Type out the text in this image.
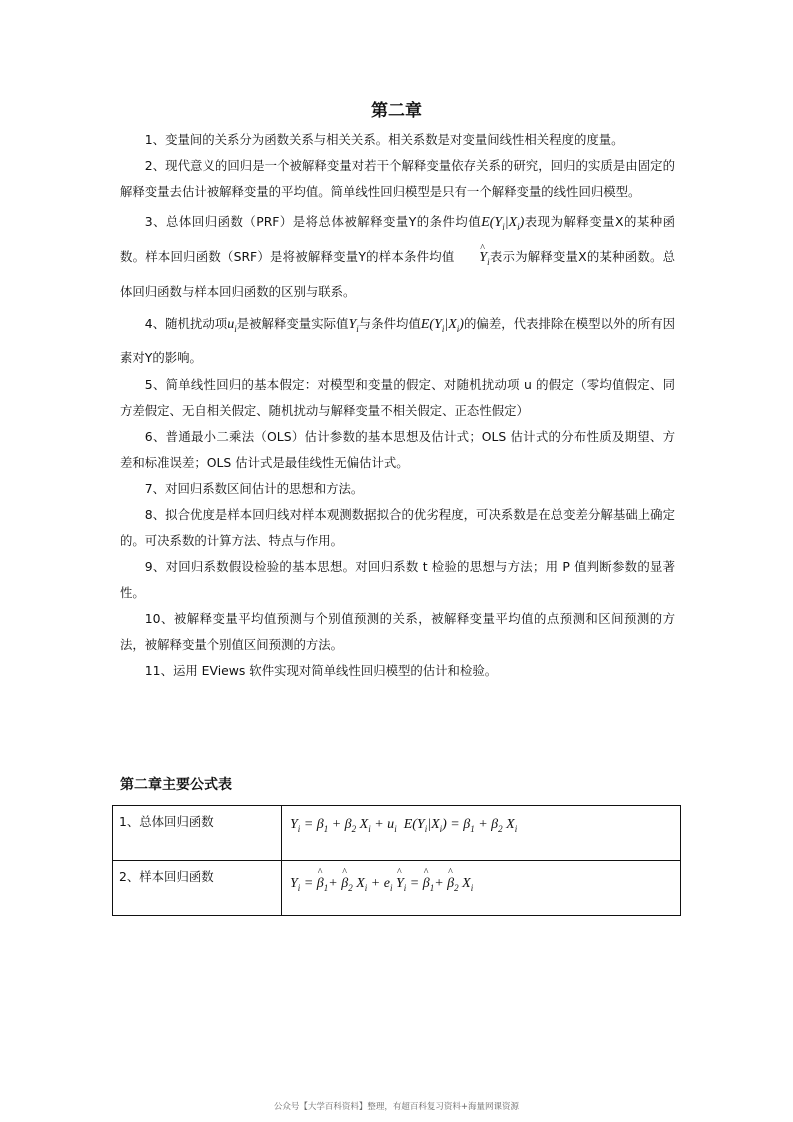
第二章

1、变量间的关系分为函数关系与相关关系。相关系数是对变量间线性相关程度的度量。

2、现代意义的回归是一个被解释变量对若干个解释变量依存关系的研究，回归的实质是由固定的解释变量去估计被解释变量的平均值。简单线性回归模型是只有一个解释变量的线性回归模型。

3、总体回归函数（PRF）是将总体被解释变量Y的条件均值$E(Y_i|X_i)$表现为解释变量X的某种函数。样本回归函数（SRF）是将被解释变量Y的样本条件均值 ^ $Y_i$表示为解释变量X的某种函数。总体回归函数与样本回归函数的区别与联系。

4、随机扰动项$u_i$是被解释变量实际值$Y_i$与条件均值$E(Y_i|X_i)$的偏差，代表排除在模型以外的所有因素对Y的影响。

5、简单线性回归的基本假定：对模型和变量的假定、对随机扰动项 u 的假定（零均值假定、同方差假定、无自相关假定、随机扰动与解释变量不相关假定、正态性假定）

6、普通最小二乘法（OLS）估计参数的基本思想及估计式；OLS 估计式的分布性质及期望、方差和标准误差；OLS 估计式是最佳线性无偏估计式。

7、对回归系数区间估计的思想和方法。

8、拟合优度是样本回归线对样本观测数据拟合的优劣程度，可决系数是在总变差分解基础上确定的。可决系数的计算方法、特点与作用。

9、对回归系数假设检验的基本思想。对回归系数 t 检验的思想与方法；用 P 值判断参数的显著性。

10、被解释变量平均值预测与个别值预测的关系，被解释变量平均值的点预测和区间预测的方法，被解释变量个别值区间预测的方法。

11、运用 EViews 软件实现对简单线性回归模型的估计和检验。

第二章主要公式表
1、总体回归函数	$Y_i = \beta_1 + \beta_2$ $X_i + u_i$  $E(Y_i|X_i) = \beta_1 + \beta_2$ $X_i$
2、样本回归函数	$Y_i$ = ^ $\beta_1+$ ^ $\beta_2$ $X_i + e_i$ ^ $Y_i$ = ^ $\beta_1+$ ^ $\beta_2$ $X_i$
公众号【大学百科资料】整理，有超百科复习资料+海量网课资源
